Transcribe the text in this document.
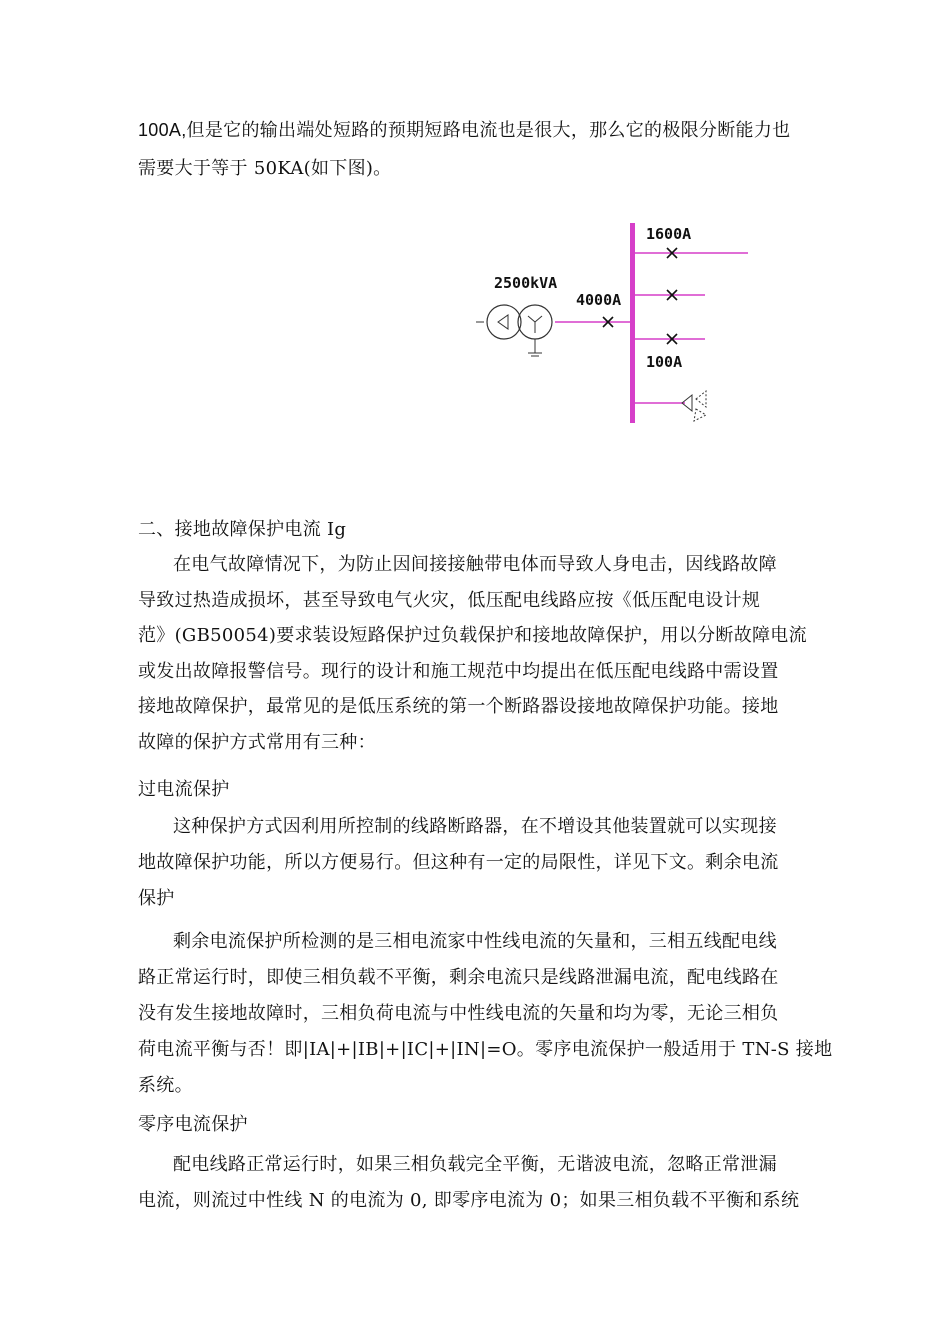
100A,但是它的输出端处短路的预期短路电流也是很大，那么它的极限分断能力也
需要大于等于 50KA(如下图)。
2500kVA
4000A
1600A
100A
二、接地故障保护电流 Ig
在电气故障情况下，为防止因间接接触带电体而导致人身电击，因线路故障
导致过热造成损坏，甚至导致电气火灾，低压配电线路应按《低压配电设计规
范》(GB50054)要求装设短路保护过负载保护和接地故障保护，用以分断故障电流
或发出故障报警信号。现行的设计和施工规范中均提出在低压配电线路中需设置
接地故障保护，最常见的是低压系统的第一个断路器设接地故障保护功能。接地
故障的保护方式常用有三种：
过电流保护
这种保护方式因利用所控制的线路断路器，在不增设其他装置就可以实现接
地故障保护功能，所以方便易行。但这种有一定的局限性，详见下文。剩余电流
保护
剩余电流保护所检测的是三相电流家中性线电流的矢量和，三相五线配电线
路正常运行时，即使三相负载不平衡，剩余电流只是线路泄漏电流，配电线路在
没有发生接地故障时，三相负荷电流与中性线电流的矢量和均为零，无论三相负
荷电流平衡与否！即|IA|+|IB|+|IC|+|IN|=O。零序电流保护一般适用于 TN-S 接地
系统。
零序电流保护
配电线路正常运行时，如果三相负载完全平衡，无谐波电流，忽略正常泄漏
电流，则流过中性线 N 的电流为 0, 即零序电流为 0；如果三相负载不平衡和系统
